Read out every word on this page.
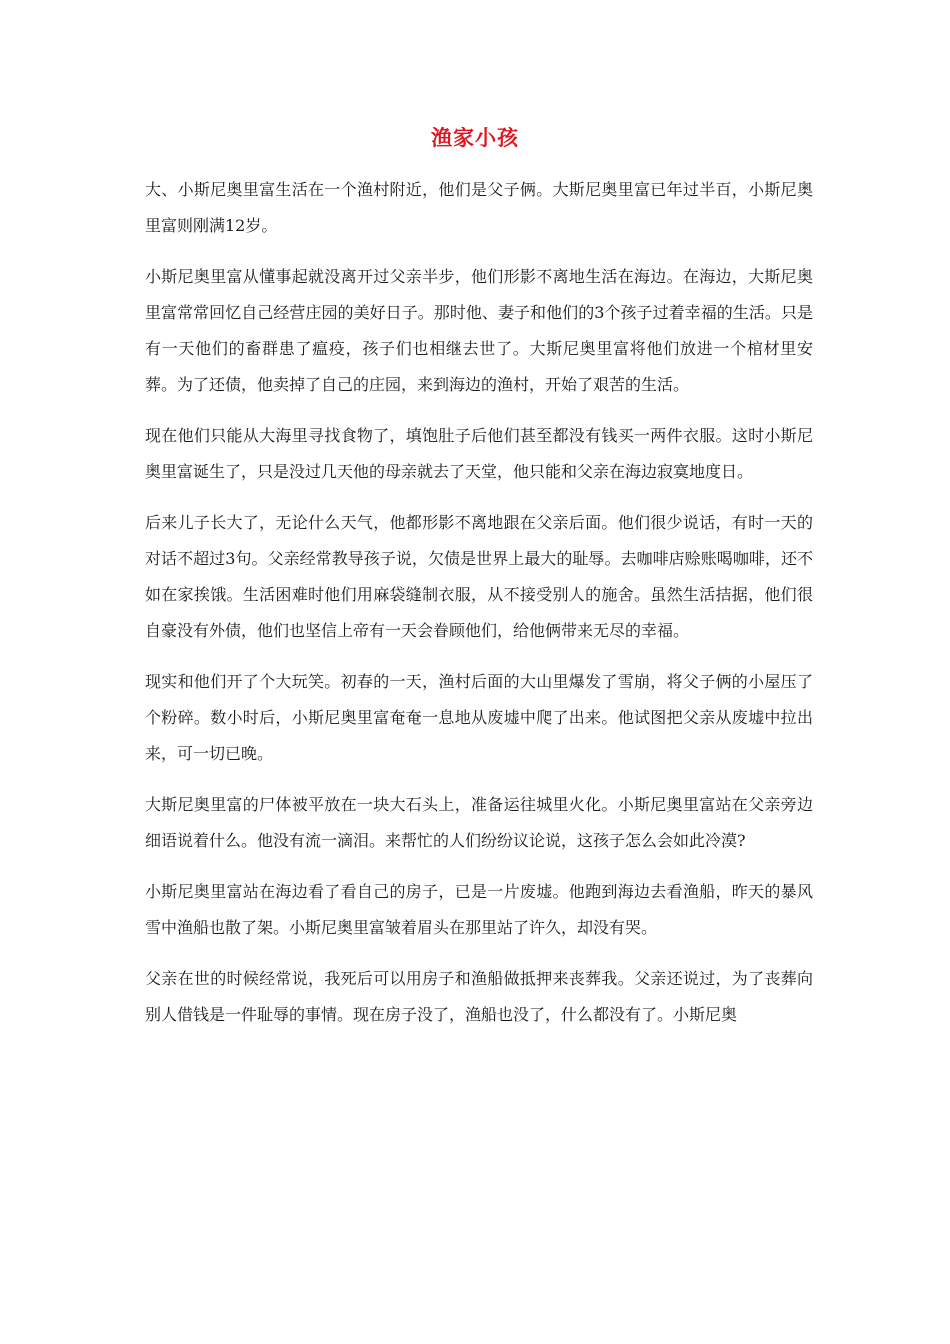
渔家小孩

大、小斯尼奥里富生活在一个渔村附近，他们是父子俩。大斯尼奥里富已年过半百，小斯尼奥里富则刚满12岁。

小斯尼奥里富从懂事起就没离开过父亲半步，他们形影不离地生活在海边。在海边，大斯尼奥里富常常回忆自己经营庄园的美好日子。那时他、妻子和他们的3个孩子过着幸福的生活。只是有一天他们的畜群患了瘟疫，孩子们也相继去世了。大斯尼奥里富将他们放进一个棺材里安葬。为了还债，他卖掉了自己的庄园，来到海边的渔村，开始了艰苦的生活。

现在他们只能从大海里寻找食物了，填饱肚子后他们甚至都没有钱买一两件衣服。这时小斯尼奥里富诞生了，只是没过几天他的母亲就去了天堂，他只能和父亲在海边寂寞地度日。

后来儿子长大了，无论什么天气，他都形影不离地跟在父亲后面。他们很少说话，有时一天的对话不超过3句。父亲经常教导孩子说，欠债是世界上最大的耻辱。去咖啡店赊账喝咖啡，还不如在家挨饿。生活困难时他们用麻袋缝制衣服，从不接受别人的施舍。虽然生活拮据，他们很自豪没有外债，他们也坚信上帝有一天会眷顾他们，给他俩带来无尽的幸福。

现实和他们开了个大玩笑。初春的一天，渔村后面的大山里爆发了雪崩，将父子俩的小屋压了个粉碎。数小时后，小斯尼奥里富奄奄一息地从废墟中爬了出来。他试图把父亲从废墟中拉出来，可一切已晚。

大斯尼奥里富的尸体被平放在一块大石头上，准备运往城里火化。小斯尼奥里富站在父亲旁边细语说着什么。他没有流一滴泪。来帮忙的人们纷纷议论说，这孩子怎么会如此冷漠?

小斯尼奥里富站在海边看了看自己的房子，已是一片废墟。他跑到海边去看渔船，昨天的暴风雪中渔船也散了架。小斯尼奥里富皱着眉头在那里站了许久，却没有哭。

父亲在世的时候经常说，我死后可以用房子和渔船做抵押来丧葬我。父亲还说过，为了丧葬向别人借钱是一件耻辱的事情。现在房子没了，渔船也没了，什么都没有了。小斯尼奥
